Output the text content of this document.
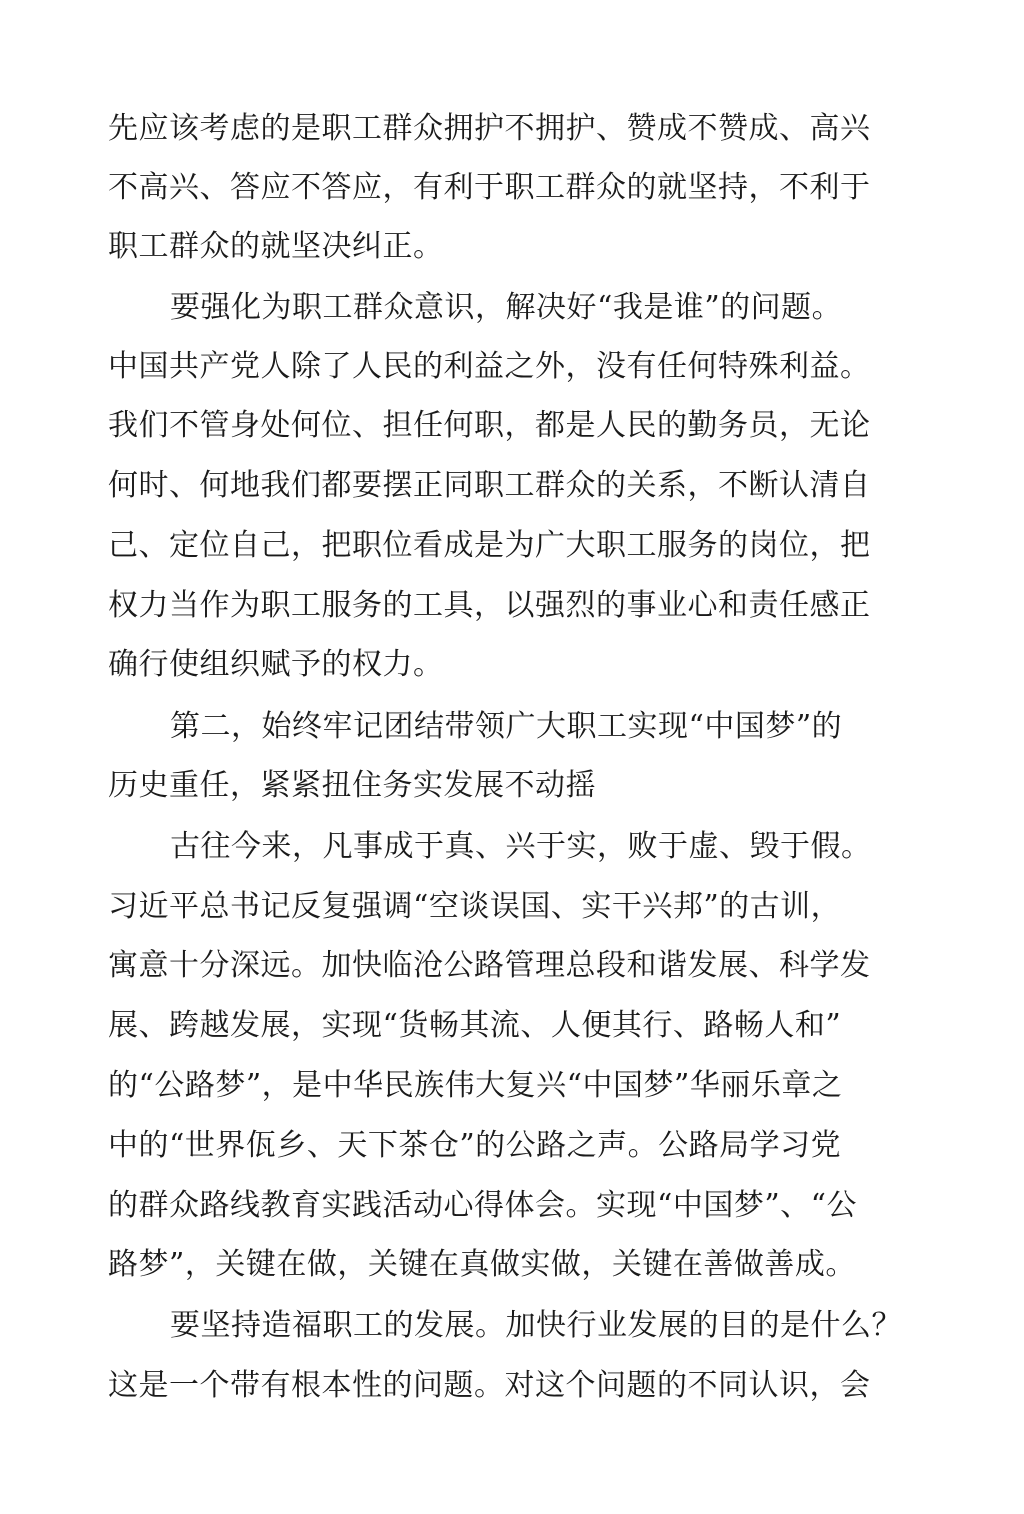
先应该考虑的是职工群众拥护不拥护、赞成不赞成、高兴
不高兴、答应不答应，有利于职工群众的就坚持，不利于
职工群众的就坚决纠正。
要强化为职工群众意识，解决好“我是谁”的问题。
中国共产党人除了人民的利益之外，没有任何特殊利益。
我们不管身处何位、担任何职，都是人民的勤务员，无论
何时、何地我们都要摆正同职工群众的关系，不断认清自
己、定位自己，把职位看成是为广大职工服务的岗位，把
权力当作为职工服务的工具，以强烈的事业心和责任感正
确行使组织赋予的权力。
第二，始终牢记团结带领广大职工实现“中国梦”的
历史重任，紧紧扭住务实发展不动摇
古往今来，凡事成于真、兴于实，败于虚、毁于假。
习近平总书记反复强调“空谈误国、实干兴邦”的古训，
寓意十分深远。加快临沧公路管理总段和谐发展、科学发
展、跨越发展，实现“货畅其流、人便其行、路畅人和”
的“公路梦”，是中华民族伟大复兴“中国梦”华丽乐章之
中的“世界佤乡、天下茶仓”的公路之声。公路局学习党
的群众路线教育实践活动心得体会。实现“中国梦”、“公
路梦”，关键在做，关键在真做实做，关键在善做善成。
要坚持造福职工的发展。加快行业发展的目的是什么？
这是一个带有根本性的问题。对这个问题的不同认识，会
